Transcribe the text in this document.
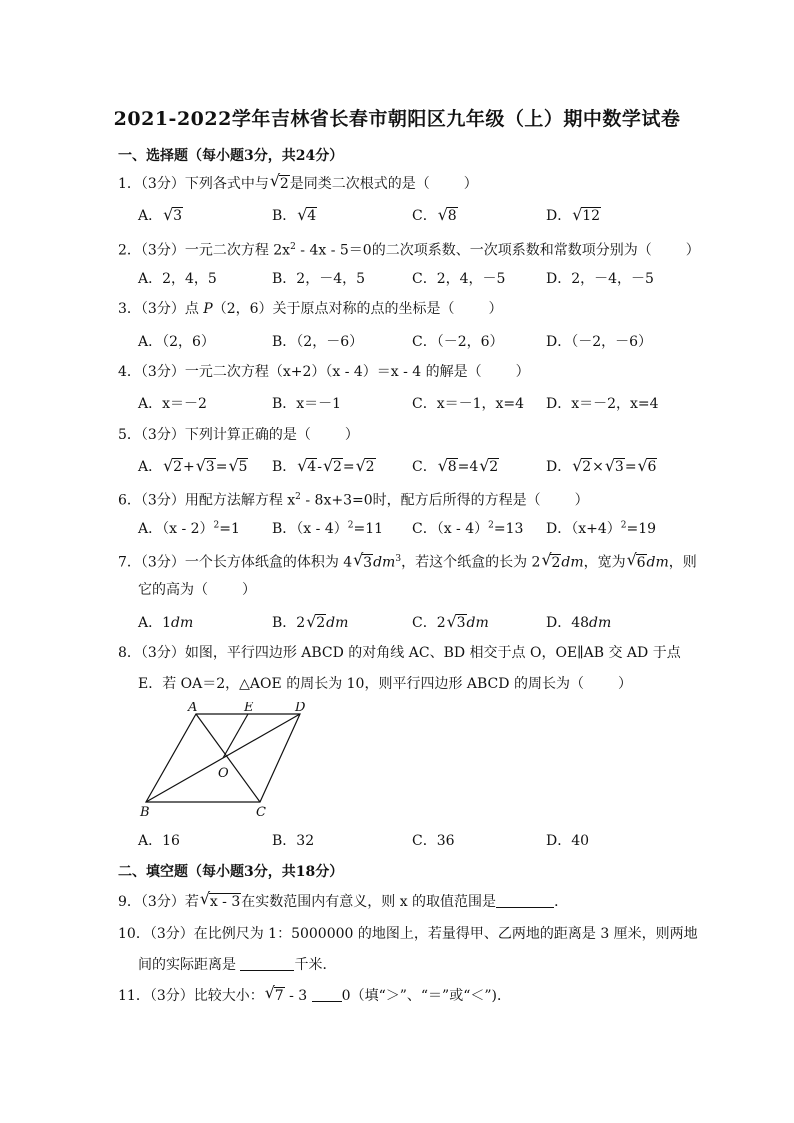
2021-2022学年吉林省长春市朝阳区九年级（上）期中数学试卷
一、选择题（每小题3分，共24分）
1．（3分）下列各式中与 √ 2是同类二次根式的是（ ）
A． √ 3	B． √ 4	C． √ 8	D． √ 12
2．（3分）一元二次方程 $2x^2 - 4x - 5=0$的二次项系数、一次项系数和常数项分别为（ ）
A．2，4，5	B．2，－4，5	C．2，4，－5	D．2，－4，－5
3．（3分）点 P（2，6）关于原点对称的点的坐标是（ ）
A．（2，6）	B．（2，－6）	C．（－2，6）	D．（－2，－6）
4．（3分）一元二次方程（x+2）（x - 4）＝x - 4 的解是（ ）
A．x＝－2	B．x＝－1	C．x＝－1，x=4 D．x＝－2，x=4
5．（3分）下列计算正确的是（ ）
A． √ 2+ √ 3= √ 5 B． √ 4- √ 2= √ 2	C． √ 8=4 √ 2	D． √ 2× √ 3= √ 6
6．（3分）用配方法解方程 $x^2 - 8x+3=0$时，配方后所得的方程是（ ）
A．（x - 2）$^2$=1 B．（x - 4）$^2$=11 C．（x - 4）$^2$=13 D．$(x+4)^2=19$
7．（3分）一个长方体纸盒的体积为 4 √ $3dm^3$，若这个纸盒的长为 2 √ 2dm，宽为 √ 6dm，则
它的高为（ ）
A．1dm	B．2 √ 2dm	C．2 √ 3dm	D．48dm
8．（3分）如图，平行四边形 ABCD 的对角线 AC、BD 相交于点 O，OE∥AB 交 AD 于点
E．若 OA＝2，△AOE 的周长为 10，则平行四边形 ABCD 的周长为（ ）
A	E	D
O
B	C
A．16	B．32	C．36	D．40
二、填空题（每小题3分，共18分）
9．（3分）若 √ x - 3在实数范围内有意义，则 x 的取值范围是	．
10．（3分）在比例尺为 1：5000000 的地图上，若量得甲、乙两地的距离是 3 厘米，则两地
间的实际距离是	千米．
11．（3分）比较大小： √ 7 - 3 0（填“＞”、“＝”或“＜”)．
